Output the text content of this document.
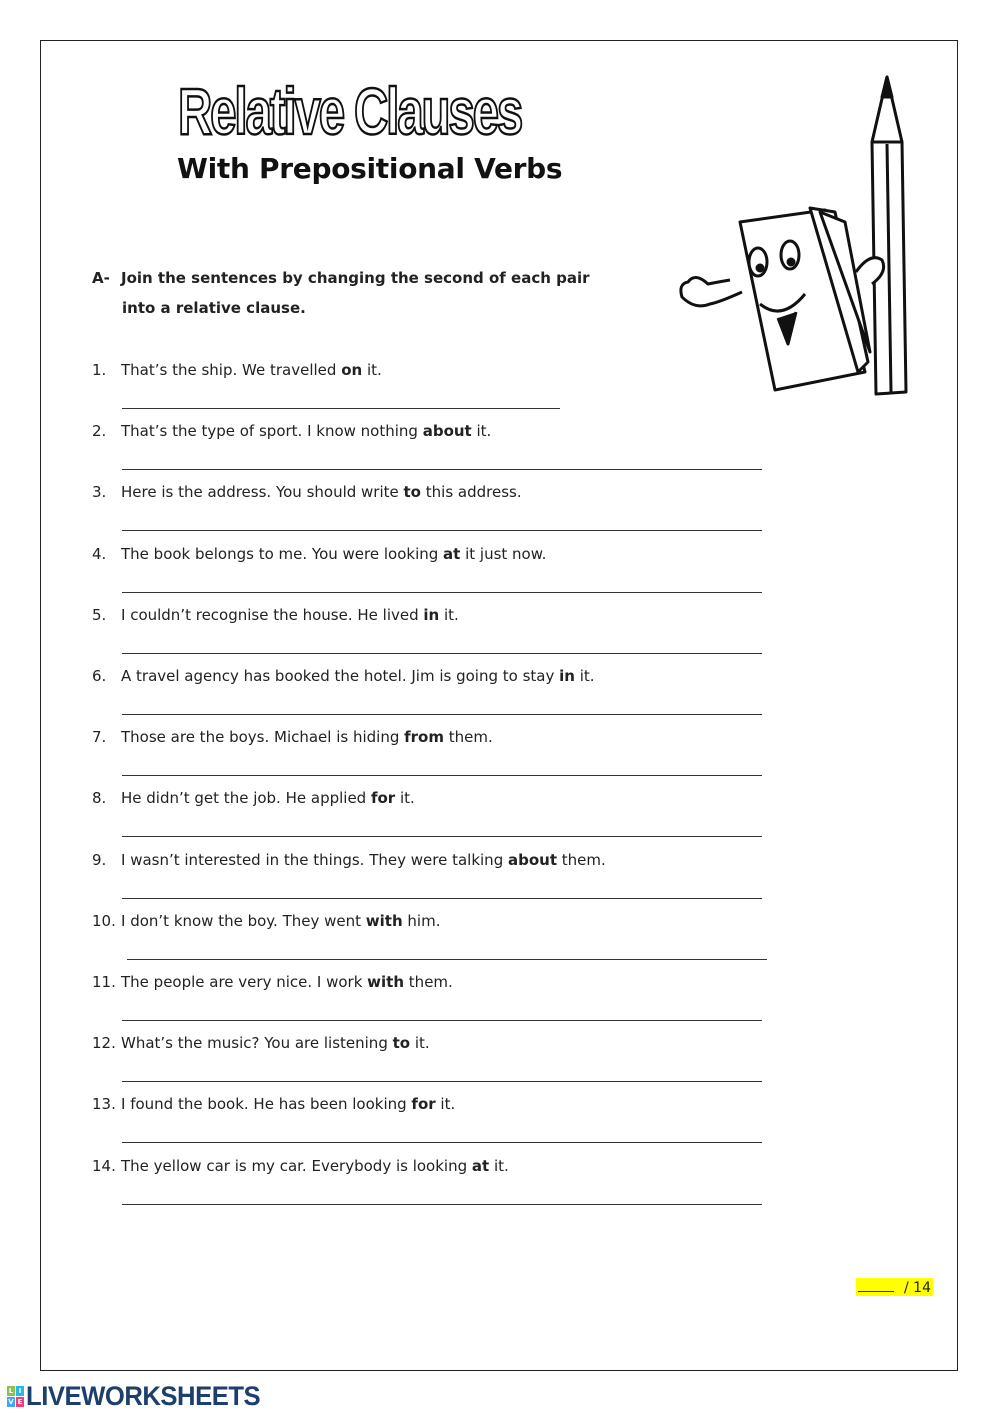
Relative Clauses
With Prepositional Verbs
A- Join the sentences by changing the second of each pair
into a relative clause.
1. That’s the ship. We travelled on it.
2. That’s the type of sport. I know nothing about it.
3. Here is the address. You should write to this address.
4. The book belongs to me. You were looking at it just now.
5. I couldn’t recognise the house. He lived in it.
6. A travel agency has booked the hotel. Jim is going to stay in it.
7. Those are the boys. Michael is hiding from them.
8. He didn’t get the job. He applied for it.
9. I wasn’t interested in the things. They were talking about them.
10. I don’t know the boy. They went with him.
11. The people are very nice. I work with them.
12. What’s the music? You are listening to it.
13. I found the book. He has been looking for it.
14. The yellow car is my car. Everybody is looking at it.
/ 14
L I
V E LIVEWORKSHEETS
